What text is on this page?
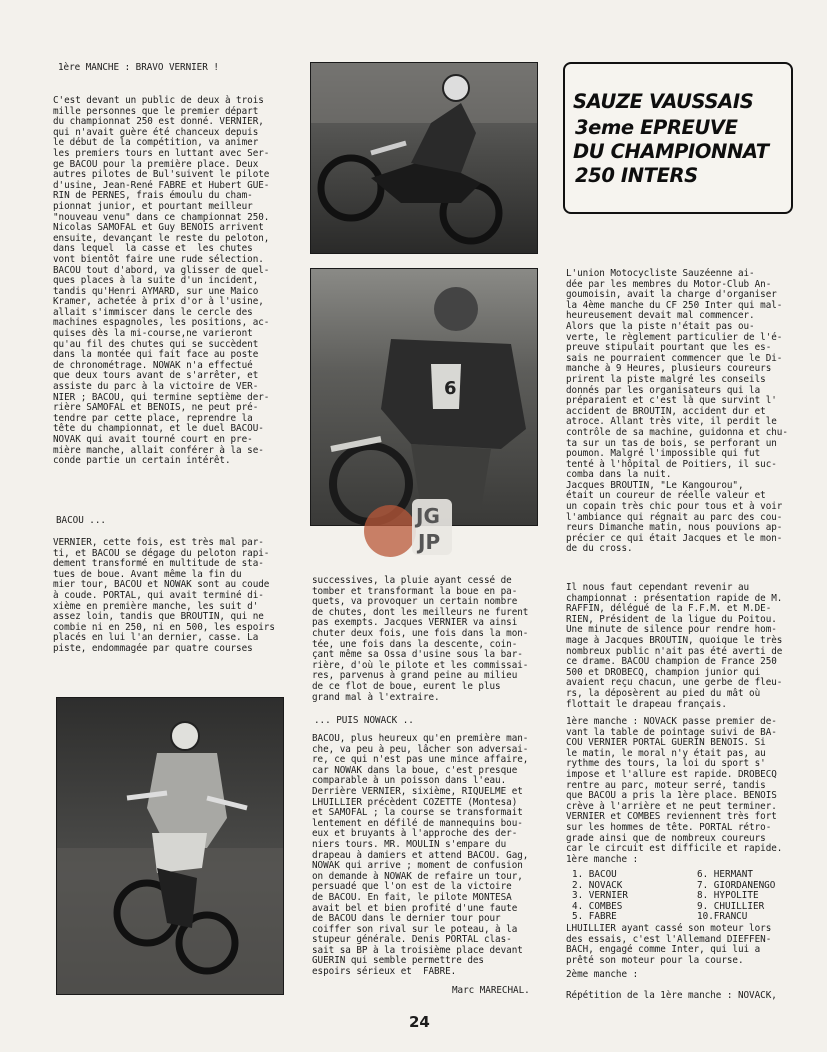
1ère MANCHE : BRAVO VERNIER !
C'est devant un public de deux à trois
mille personnes que le premier départ
du championnat 250 est donné. VERNIER,
qui n'avait guère été chanceux depuis
le début de la compétition, va animer
les premiers tours en luttant avec Ser-
ge BACOU pour la première place. Deux
autres pilotes de Bul'suivent le pilote
d'usine, Jean-René FABRE et Hubert GUE-
RIN de PERNES, frais émoulu du cham-
pionnat junior, et pourtant meilleur
"nouveau venu" dans ce championnat 250.
Nicolas SAMOFAL et Guy BENOIS arrivent
ensuite, devançant le reste du peloton,
dans lequel  la casse et  les chutes
vont bientôt faire une rude sélection.
BACOU tout d'abord, va glisser de quel-
ques places à la suite d'un incident,
tandis qu'Henri AYMARD, sur une Maico
Kramer, achetée à prix d'or à l'usine,
allait s'immiscer dans le cercle des
machines espagnoles, les positions, ac-
quises dès la mi-course,ne varieront
qu'au fil des chutes qui se succèdent
dans la montée qui fait face au poste
de chronométrage. NOWAK n'a effectué
que deux tours avant de s'arrêter, et
assiste du parc à la victoire de VER-
NIER ; BACOU, qui termine septième der-
rière SAMOFAL et BENOIS, ne peut pré-
tendre par cette place, reprendre la
tête du championnat, et le duel BACOU-
NOVAK qui avait tourné court en pre-
mière manche, allait conférer à la se-
conde partie un certain intérêt.
BACOU ...
VERNIER, cette fois, est très mal par-
ti, et BACOU se dégage du peloton rapi-
dement transformé en multitude de sta-
tues de boue. Avant même la fin du
mier tour, BACOU et NOWAK sont au coude
à coude. PORTAL, qui avait terminé di-
xième en première manche, les suit d'
assez loin, tandis que BROUTIN, qui ne
combie ni en 250, ni en 500, les espoirs
placés en lui l'an dernier, casse. La
piste, endommagée par quatre courses
successives, la pluie ayant cessé de
tomber et transformant la boue en pa-
quets, va provoquer un certain nombre
de chutes, dont les meilleurs ne furent
pas exempts. Jacques VERNIER va ainsi
chuter deux fois, une fois dans la mon-
tée, une fois dans la descente, coin-
çant même sa Ossa d'usine sous la bar-
rière, d'où le pilote et les commissai-
res, parvenus à grand peine au milieu
de ce flot de boue, eurent le plus
grand mal à l'extraire.
... PUIS NOWACK ..
BACOU, plus heureux qu'en première man-
che, va peu à peu, lâcher son adversai-
re, ce qui n'est pas une mince affaire,
car NOWAK dans la boue, c'est presque
comparable à un poisson dans l'eau.
Derrière VERNIER, sixième, RIQUELME et
LHUILLIER précèdent COZETTE (Montesa)
et SAMOFAL ; la course se transformait
lentement en défilé de mannequins bou-
eux et bruyants à l'approche des der-
niers tours. MR. MOULIN s'empare du
drapeau à damiers et attend BACOU. Gag,
NOWAK qui arrive ; moment de confusion
on demande à NOWAK de refaire un tour,
persuadé que l'on est de la victoire
de BACOU. En fait, le pilote MONTESA
avait bel et bien profité d'une faute
de BACOU dans le dernier tour pour
coiffer son rival sur le poteau, à la
stupeur générale. Denis PORTAL clas-
sait sa BP à la troisième place devant
GUERIN qui semble permettre des
espoirs sérieux et  FABRE.
Marc MARECHAL.
L'union Motocycliste Sauzéenne ai-
dée par les membres du Motor-Club An-
goumoisin, avait la charge d'organiser
la 4ème manche du CF 250 Inter qui mal-
heureusement devait mal commencer.
Alors que la piste n'était pas ou-
verte, le règlement particulier de l'é-
preuve stipulait pourtant que les es-
sais ne pourraient commencer que le Di-
manche à 9 Heures, plusieurs coureurs
prirent la piste malgré les conseils
donnés par les organisateurs qui la
préparaient et c'est là que survint l'
accident de BROUTIN, accident dur et
atroce. Allant très vite, il perdit le
contrôle de sa machine, guidonna et chu-
ta sur un tas de bois, se perforant un
poumon. Malgré l'impossible qui fut
tenté à l'hôpital de Poitiers, il suc-
comba dans la nuit.
Jacques BROUTIN, "Le Kangourou",
était un coureur de réelle valeur et
un copain très chic pour tous et à voir
l'ambiance qui régnait au parc des cou-
reurs Dimanche matin, nous pouvions ap-
précier ce qui était Jacques et le mon-
de du cross.
Il nous faut cependant revenir au
championnat : présentation rapide de M.
RAFFIN, délégué de la F.F.M. et M.DE-
RIEN, Président de la ligue du Poitou.
Une minute de silence pour rendre hom-
mage à Jacques BROUTIN, quoique le très
nombreux public n'ait pas été averti de
ce drame. BACOU champion de France 250
500 et DROBECQ, champion junior qui
avaient reçu chacun, une gerbe de fleu-
rs, la déposèrent au pied du mât où
flottait le drapeau français.
1ère manche : NOVACK passe premier de-
vant la table de pointage suivi de BA-
COU VERNIER PORTAL GUERIN BENOIS. Si
le matin, le moral n'y était pas, au
rythme des tours, la loi du sport s'
impose et l'allure est rapide. DROBECQ
rentre au parc, moteur serré, tandis
que BACOU a pris la 1ère place. BENOIS
crève à l'arrière et ne peut terminer.
VERNIER et COMBES reviennent très fort
sur les hommes de tête. PORTAL rétro-
grade ainsi que de nombreux coureurs
car le circuit est difficile et rapide.
1ère manche :
1. BACOU
2. NOVACK
3. VERNIER
4. COMBES
5. FABRE
6. HERMANT
7. GIORDANENGO
8. HYPOLITE
9. CHUILLIER
10.FRANCU
LHUILLIER ayant cassé son moteur lors
des essais, c'est l'Allemand DIEFFEN-
BACH, engagé comme Inter, qui lui a
prêté son moteur pour la course.
2ème manche :

Répétition de la 1ère manche : NOVACK,
SAUZE VAUSSAIS
3eme EPREUVE
DU CHAMPIONNAT
250 INTERS
6
JG
JP
24
